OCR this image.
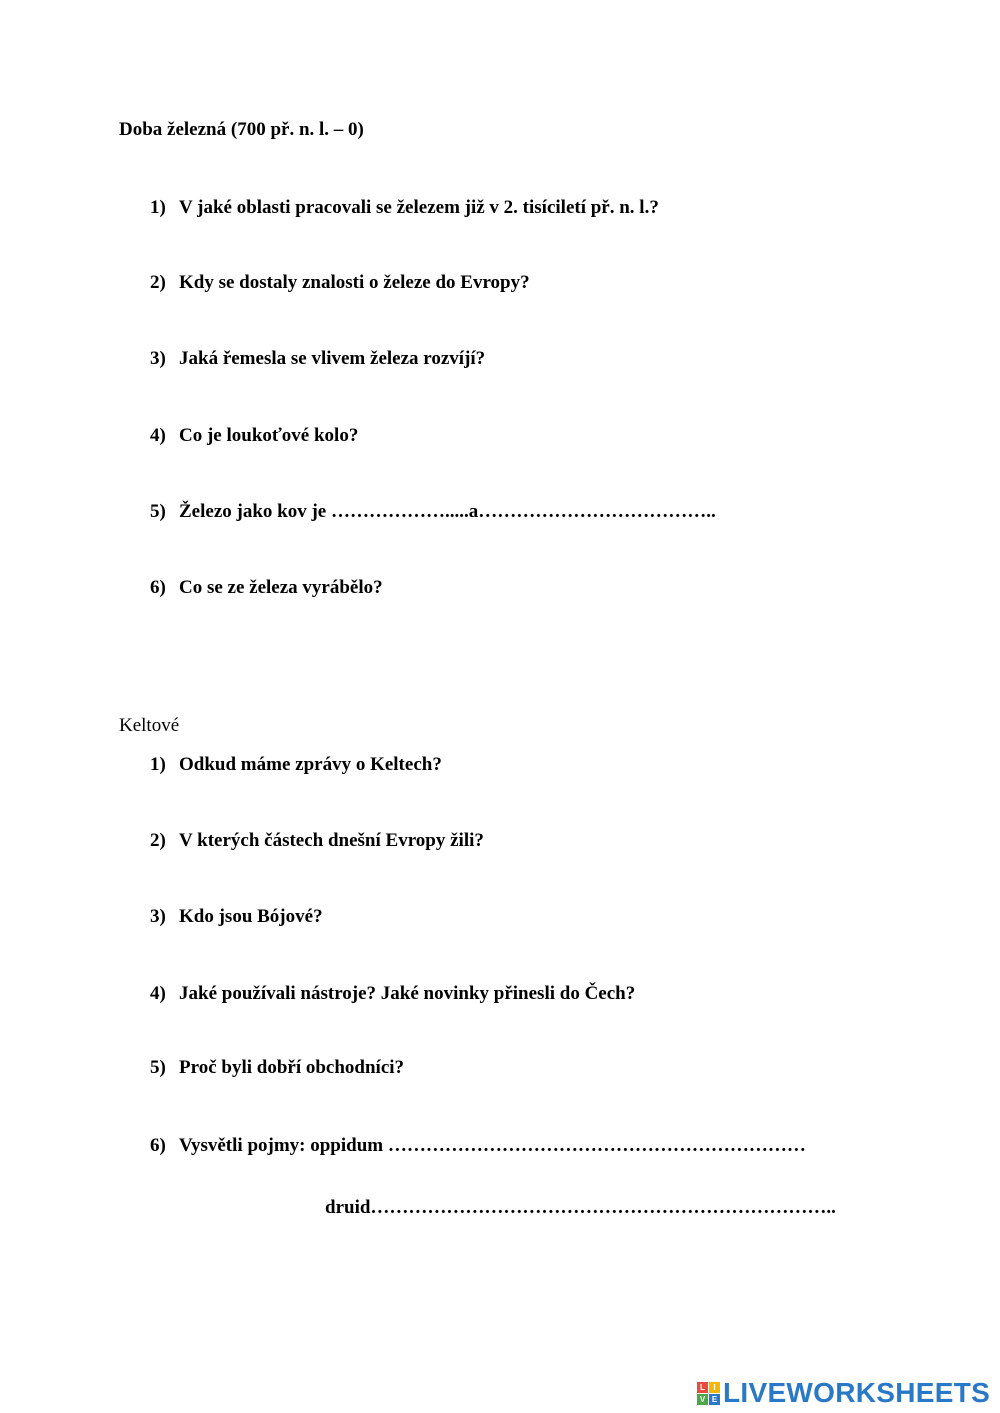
Doba železná (700 př. n. l. – 0)
1) V jaké oblasti pracovali se železem již v 2. tisíciletí př. n. l.?
2) Kdy se dostaly znalosti o železe do Evropy?
3) Jaká řemesla se vlivem železa rozvíjí?
4) Co je loukoťové kolo?
5) Železo jako kov je ……………….....a………………………………..
6) Co se ze železa vyrábělo?
Keltové
1) Odkud máme zprávy o Keltech?
2) V kterých částech dnešní Evropy žili?
3) Kdo jsou Bójové?
4) Jaké používali nástroje? Jaké novinky přinesli do Čech?
5) Proč byli dobří obchodníci?
6) Vysvětli pojmy: oppidum …………………………………………………………
druid………………………………………………………………..
L	I
V E LIVEWORKSHEETS
